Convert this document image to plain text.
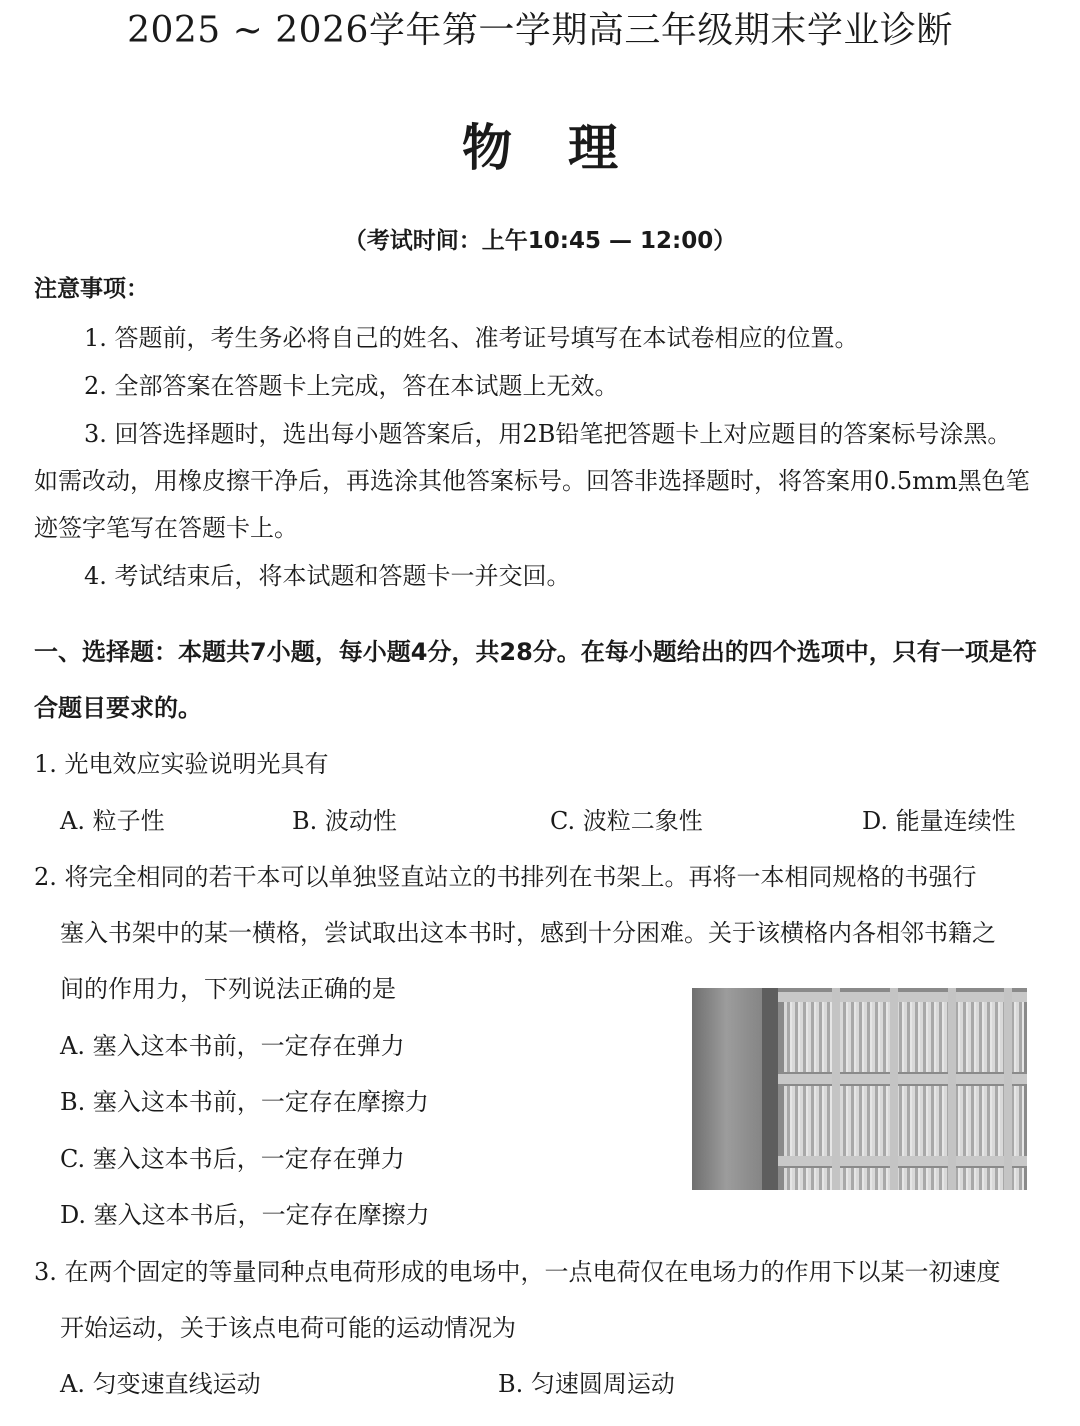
2025 ~ 2026学年第一学期高三年级期末学业诊断
物 理
（考试时间：上午10:45 — 12:00）
注意事项：
1. 答题前，考生务必将自己的姓名、准考证号填写在本试卷相应的位置。
2. 全部答案在答题卡上完成，答在本试题上无效。
3. 回答选择题时，选出每小题答案后，用2B铅笔把答题卡上对应题目的答案标号涂黑。
如需改动，用橡皮擦干净后，再选涂其他答案标号。回答非选择题时，将答案用0.5mm黑色笔
迹签字笔写在答题卡上。
4. 考试结束后，将本试题和答题卡一并交回。
一、选择题：本题共7小题，每小题4分，共28分。在每小题给出的四个选项中，只有一项是符
合题目要求的。
1. 光电效应实验说明光具有
A. 粒子性	B. 波动性	C. 波粒二象性	D. 能量连续性
2. 将完全相同的若干本可以单独竖直站立的书排列在书架上。再将一本相同规格的书强行
塞入书架中的某一横格，尝试取出这本书时，感到十分困难。关于该横格内各相邻书籍之
间的作用力，下列说法正确的是
A. 塞入这本书前，一定存在弹力
B. 塞入这本书前，一定存在摩擦力
C. 塞入这本书后，一定存在弹力
D. 塞入这本书后，一定存在摩擦力
3. 在两个固定的等量同种点电荷形成的电场中，一点电荷仅在电场力的作用下以某一初速度
开始运动，关于该点电荷可能的运动情况为
A. 匀变速直线运动	B. 匀速圆周运动
